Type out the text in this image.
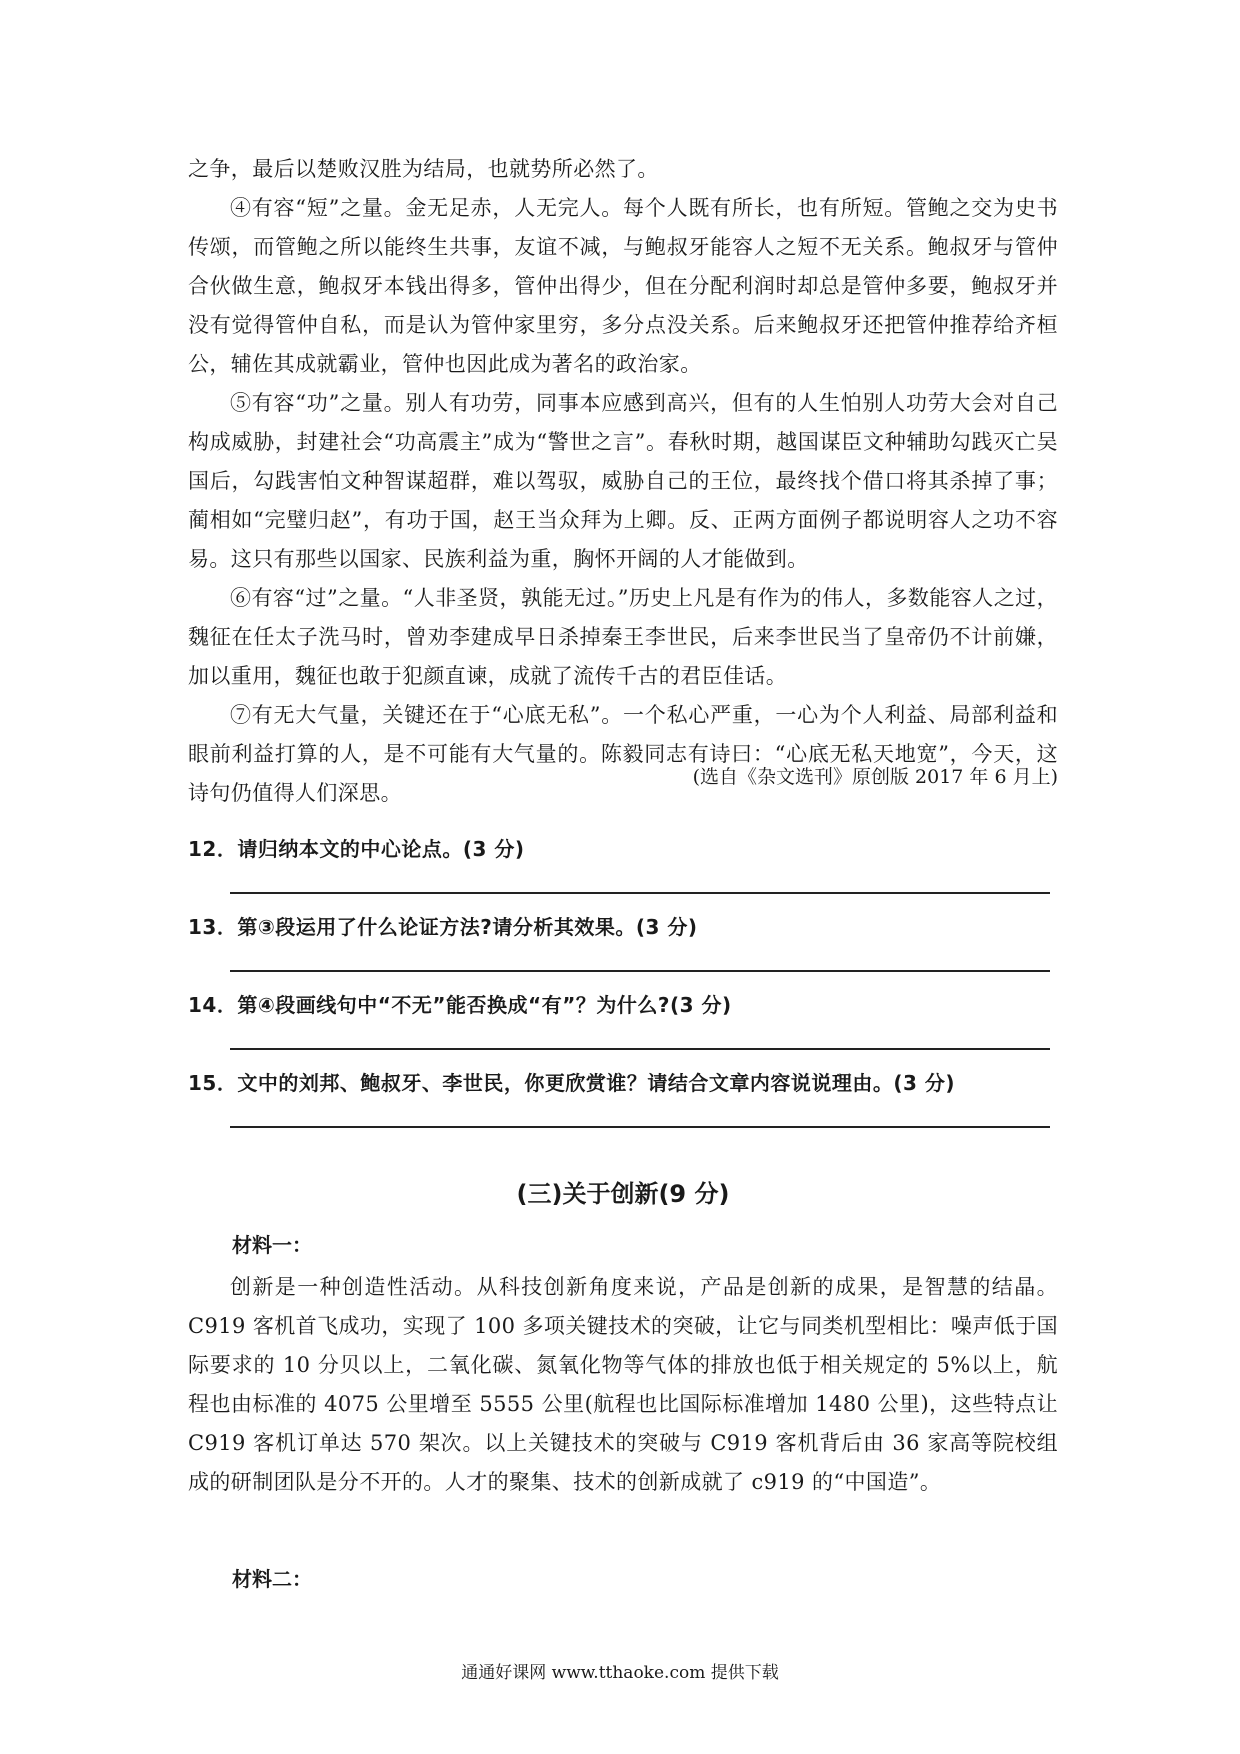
之争，最后以楚败汉胜为结局，也就势所必然了。

④有容“短”之量。金无足赤，人无完人。每个人既有所长，也有所短。管鲍之交为史书传颂，而管鲍之所以能终生共事，友谊不减，与鲍叔牙能容人之短不无关系。鲍叔牙与管仲合伙做生意，鲍叔牙本钱出得多，管仲出得少，但在分配利润时却总是管仲多要，鲍叔牙并没有觉得管仲自私，而是认为管仲家里穷，多分点没关系。后来鲍叔牙还把管仲推荐给齐桓公，辅佐其成就霸业，管仲也因此成为著名的政治家。

⑤有容“功”之量。别人有功劳，同事本应感到高兴，但有的人生怕别人功劳大会对自己构成威胁，封建社会“功高震主”成为“警世之言”。春秋时期，越国谋臣文种辅助勾践灭亡吴国后，勾践害怕文种智谋超群，难以驾驭，威胁自己的王位，最终找个借口将其杀掉了事；蔺相如“完璧归赵”，有功于国，赵王当众拜为上卿。反、正两方面例子都说明容人之功不容易。这只有那些以国家、民族利益为重，胸怀开阔的人才能做到。

⑥有容“过”之量。“人非圣贤，孰能无过。”历史上凡是有作为的伟人，多数能容人之过，魏征在任太子洗马时，曾劝李建成早日杀掉秦王李世民，后来李世民当了皇帝仍不计前嫌，加以重用，魏征也敢于犯颜直谏，成就了流传千古的君臣佳话。

⑦有无大气量，关键还在于“心底无私”。一个私心严重，一心为个人利益、局部利益和眼前利益打算的人，是不可能有大气量的。陈毅同志有诗曰：“心底无私天地宽”，今天，这诗句仍值得人们深思。

(选自《杂文选刊》原创版 2017 年 6 月上)
12．请归纳本文的中心论点。(3 分)
13．第③段运用了什么论证方法?请分析其效果。(3 分)
14．第④段画线句中“不无”能否换成“有”？为什么?(3 分)
15．文中的刘邦、鲍叔牙、李世民，你更欣赏谁？请结合文章内容说说理由。(3 分)
(三)关于创新(9 分)
材料一：

创新是一种创造性活动。从科技创新角度来说，产品是创新的成果，是智慧的结晶。C919 客机首飞成功，实现了 100 多项关键技术的突破，让它与同类机型相比：噪声低于国际要求的 10 分贝以上，二氧化碳、氮氧化物等气体的排放也低于相关规定的 5%以上，航程也由标准的 4075 公里增至 5555 公里(航程也比国际标准增加 1480 公里)，这些特点让 C919 客机订单达 570 架次。以上关键技术的突破与 C919 客机背后由 36 家高等院校组成的研制团队是分不开的。人才的聚集、技术的创新成就了 c919 的“中国造”。

材料二：
通通好课网 www.tthaoke.com 提供下载
